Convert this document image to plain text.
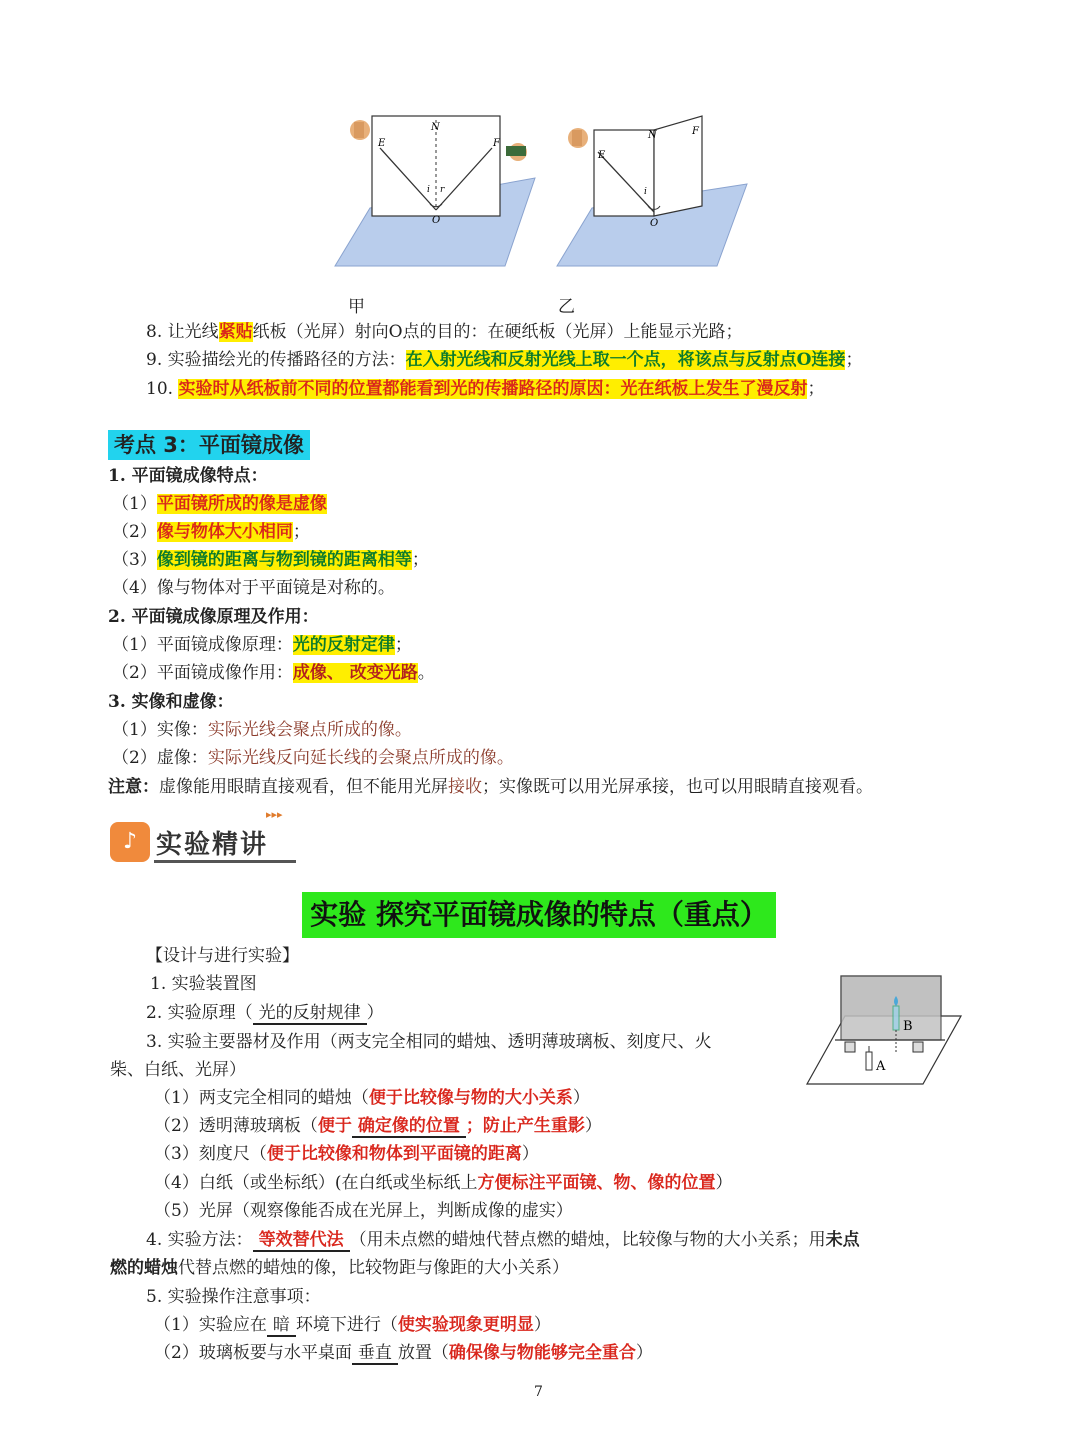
N
E	F
i r
O
甲
N
E
F
i
O
乙
8. 让光线紧贴纸板（光屏）射向O点的目的：在硬纸板（光屏）上能显示光路；
9. 实验描绘光的传播路径的方法：在入射光线和反射光线上取一个点，将该点与反射点O连接；
10. 实验时从纸板前不同的位置都能看到光的传播路径的原因：光在纸板上发生了漫反射；
考点 3：平面镜成像
1. 平面镜成像特点：
（1）平面镜所成的像是虚像
（2）像与物体大小相同；
（3）像到镜的距离与物到镜的距离相等；
（4）像与物体对于平面镜是对称的。
2. 平面镜成像原理及作用：
（1）平面镜成像原理：光的反射定律；
（2）平面镜成像作用：成像、 改变光路。
3. 实像和虚像：
（1）实像：实际光线会聚点所成的像。
（2）虚像：实际光线反向延长线的会聚点所成的像。
注意：虚像能用眼睛直接观看，但不能用光屏接收；实像既可以用光屏承接，也可以用眼睛直接观看。
♪
▸▸▸
实验精讲
实验 探究平面镜成像的特点（重点）
【设计与进行实验】
1. 实验装置图
2. 实验原理（ 光的反射规律 ）
3. 实验主要器材及作用（两支完全相同的蜡烛、透明薄玻璃板、刻度尺、火
柴、白纸、光屏）
（1）两支完全相同的蜡烛（便于比较像与物的大小关系）
（2）透明薄玻璃板（便于 确定像的位置 ；防止产生重影）
（3）刻度尺（便于比较像和物体到平面镜的距离）
（4）白纸（或坐标纸）(在白纸或坐标纸上方便标注平面镜、物、像的位置）
（5）光屏（观察像能否成在光屏上，判断成像的虚实）
4. 实验方法： 等效替代法 （用未点燃的蜡烛代替点燃的蜡烛，比较像与物的大小关系；用未点
燃的蜡烛代替点燃的蜡烛的像，比较物距与像距的大小关系）
5. 实验操作注意事项：
（1）实验应在 暗 环境下进行（使实验现象更明显）
（2）玻璃板要与水平桌面 垂直 放置（确保像与物能够完全重合）
B
A
7
